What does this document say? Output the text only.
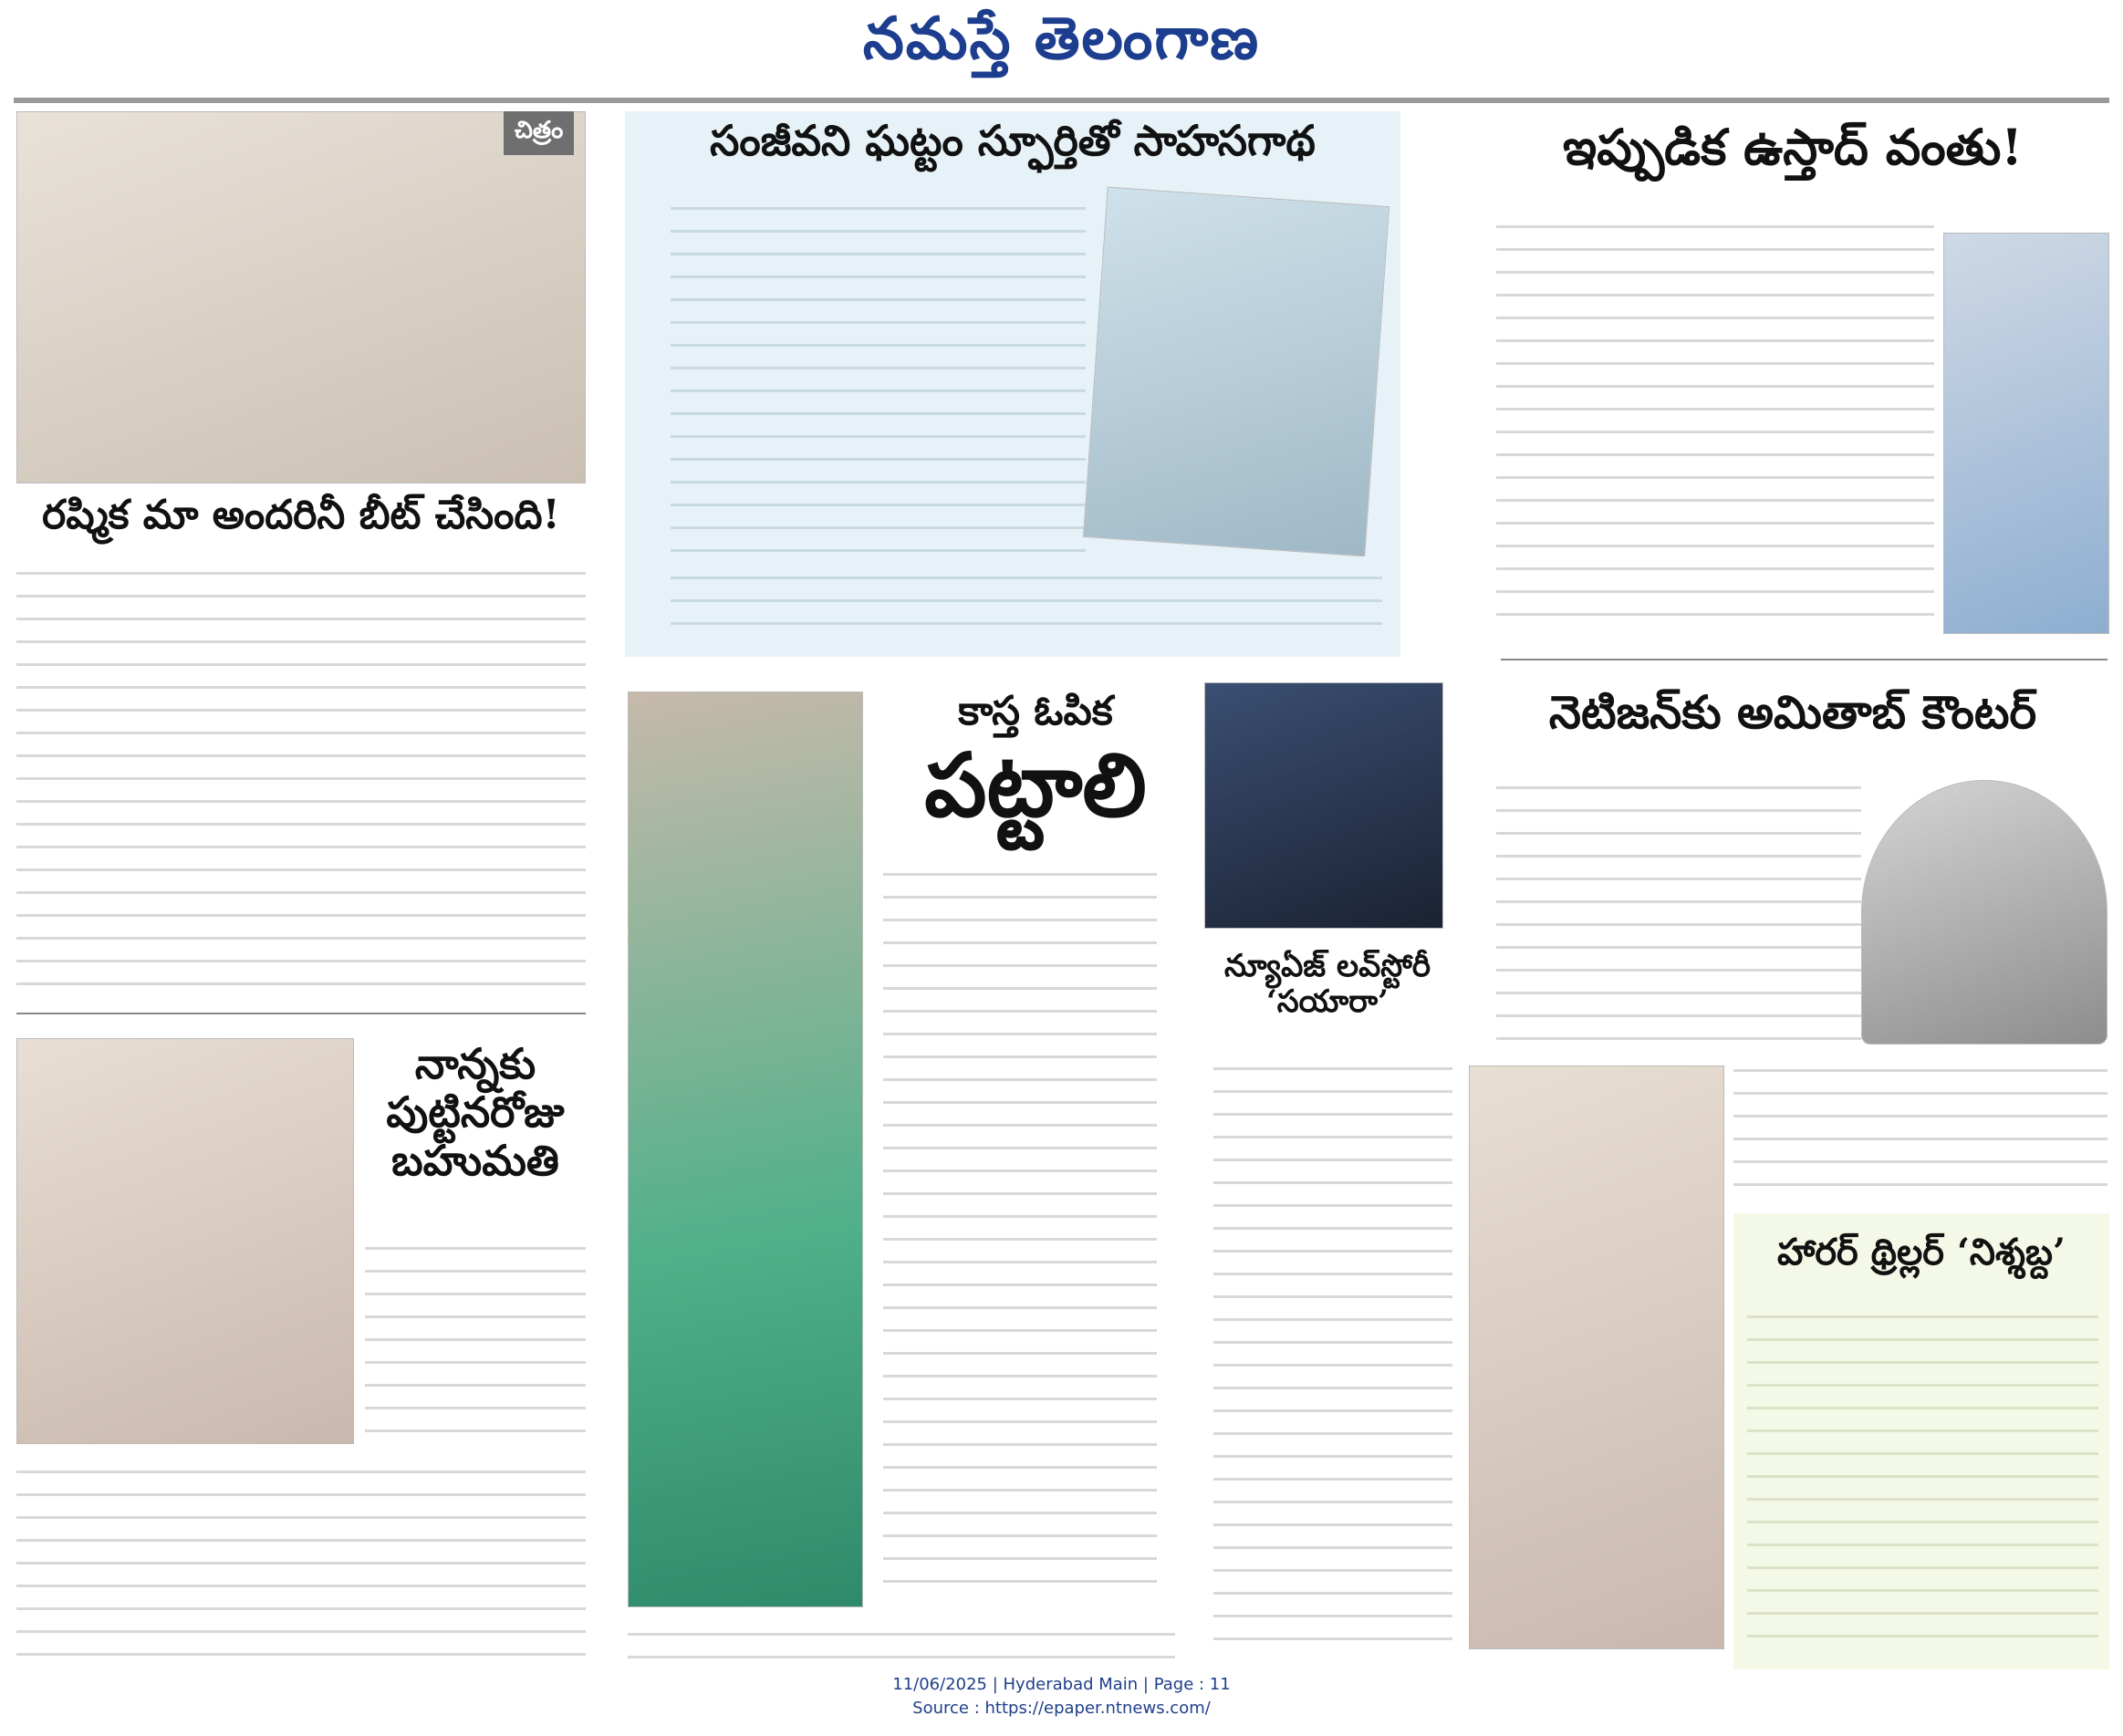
నమస్తే తెలంగాణ
చిత్రం
రష్మిక మా అందరినీ బీట్ చేసింది!
నాన్నకు
పుట్టినరోజు
బహుమతి
సంజీవని ఘట్టం స్ఫూర్తితో సాహసగాథ	ఇప్పుడిక ఉస్తాద్ వంతు!
కాస్త ఓపిక
పట్టాలి
న్యూఏజ్ లవ్‌స్టోరీ
‘సయారా’
నెటిజన్‌కు అమితాబ్ కౌంటర్
హారర్ థ్రిల్లర్ ‘నిశ్శబ్ద’
11/06/2025 | Hyderabad Main | Page : 11
Source : https://epaper.ntnews.com/
